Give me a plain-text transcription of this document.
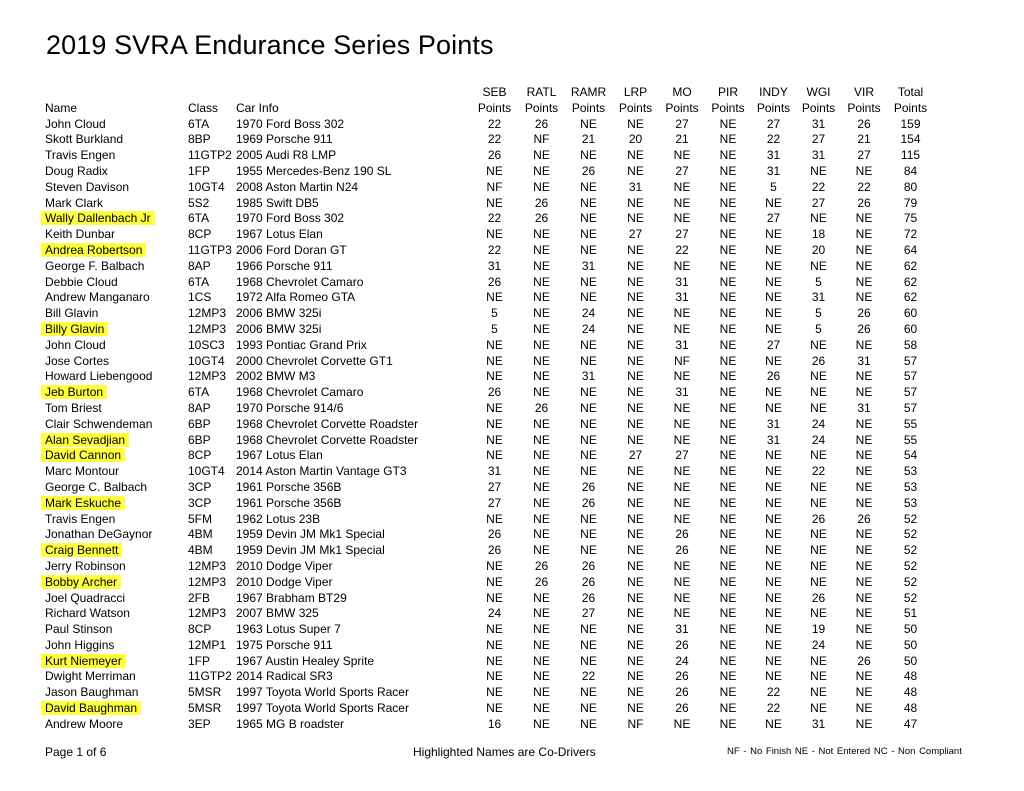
2019 SVRA Endurance Series Points
			SEB	RATL	RAMR	LRP	MO	PIR	INDY	WGI	VIR	Total
Name	Class	Car Info	Points	Points	Points	Points	Points	Points	Points	Points	Points	Points
John Cloud	6TA	1970 Ford Boss 302	22	26	NE	NE	27	NE	27	31	26	159
Skott Burkland	8BP	1969 Porsche 911	22	NF	21	20	21	NE	22	27	21	154
Travis Engen	11GTP2	2005 Audi R8 LMP	26	NE	NE	NE	NE	NE	31	31	27	115
Doug Radix	1FP	1955 Mercedes-Benz 190 SL	NE	NE	26	NE	27	NE	31	NE	NE	84
Steven Davison	10GT4	2008 Aston Martin N24	NF	NE	NE	31	NE	NE	5	22	22	80
Mark Clark	5S2	1985 Swift DB5	NE	26	NE	NE	NE	NE	NE	27	26	79
Wally Dallenbach Jr	6TA	1970 Ford Boss 302	22	26	NE	NE	NE	NE	27	NE	NE	75
Keith Dunbar	8CP	1967 Lotus Elan	NE	NE	NE	27	27	NE	NE	18	NE	72
Andrea Robertson	11GTP3	2006 Ford Doran GT	22	NE	NE	NE	22	NE	NE	20	NE	64
George F. Balbach	8AP	1966 Porsche 911	31	NE	31	NE	NE	NE	NE	NE	NE	62
Debbie Cloud	6TA	1968 Chevrolet Camaro	26	NE	NE	NE	31	NE	NE	5	NE	62
Andrew Manganaro	1CS	1972 Alfa Romeo GTA	NE	NE	NE	NE	31	NE	NE	31	NE	62
Bill Glavin	12MP3	2006 BMW 325i	5	NE	24	NE	NE	NE	NE	5	26	60
Billy Glavin	12MP3	2006 BMW 325i	5	NE	24	NE	NE	NE	NE	5	26	60
John Cloud	10SC3	1993 Pontiac Grand Prix	NE	NE	NE	NE	31	NE	27	NE	NE	58
Jose Cortes	10GT4	2000 Chevrolet Corvette GT1	NE	NE	NE	NE	NF	NE	NE	26	31	57
Howard Liebengood	12MP3	2002 BMW M3	NE	NE	31	NE	NE	NE	26	NE	NE	57
Jeb Burton	6TA	1968 Chevrolet Camaro	26	NE	NE	NE	31	NE	NE	NE	NE	57
Tom Briest	8AP	1970 Porsche 914/6	NE	26	NE	NE	NE	NE	NE	NE	31	57
Clair Schwendeman	6BP	1968 Chevrolet Corvette Roadster	NE	NE	NE	NE	NE	NE	31	24	NE	55
Alan Sevadjian	6BP	1968 Chevrolet Corvette Roadster	NE	NE	NE	NE	NE	NE	31	24	NE	55
David Cannon	8CP	1967 Lotus Elan	NE	NE	NE	27	27	NE	NE	NE	NE	54
Marc Montour	10GT4	2014 Aston Martin Vantage GT3	31	NE	NE	NE	NE	NE	NE	22	NE	53
George C. Balbach	3CP	1961 Porsche 356B	27	NE	26	NE	NE	NE	NE	NE	NE	53
Mark Eskuche	3CP	1961 Porsche 356B	27	NE	26	NE	NE	NE	NE	NE	NE	53
Travis Engen	5FM	1962 Lotus 23B	NE	NE	NE	NE	NE	NE	NE	26	26	52
Jonathan DeGaynor	4BM	1959 Devin JM Mk1 Special	26	NE	NE	NE	26	NE	NE	NE	NE	52
Craig Bennett	4BM	1959 Devin JM Mk1 Special	26	NE	NE	NE	26	NE	NE	NE	NE	52
Jerry Robinson	12MP3	2010 Dodge Viper	NE	26	26	NE	NE	NE	NE	NE	NE	52
Bobby Archer	12MP3	2010 Dodge Viper	NE	26	26	NE	NE	NE	NE	NE	NE	52
Joel Quadracci	2FB	1967 Brabham BT29	NE	NE	26	NE	NE	NE	NE	26	NE	52
Richard Watson	12MP3	2007 BMW 325	24	NE	27	NE	NE	NE	NE	NE	NE	51
Paul Stinson	8CP	1963 Lotus Super 7	NE	NE	NE	NE	31	NE	NE	19	NE	50
John Higgins	12MP1	1975 Porsche 911	NE	NE	NE	NE	26	NE	NE	24	NE	50
Kurt Niemeyer	1FP	1967 Austin Healey Sprite	NE	NE	NE	NE	24	NE	NE	NE	26	50
Dwight Merriman	11GTP2	2014 Radical SR3	NE	NE	22	NE	26	NE	NE	NE	NE	48
Jason Baughman	5MSR	1997 Toyota World Sports Racer	NE	NE	NE	NE	26	NE	22	NE	NE	48
David Baughman	5MSR	1997 Toyota World Sports Racer	NE	NE	NE	NE	26	NE	22	NE	NE	48
Andrew Moore	3EP	1965 MG B roadster	16	NE	NE	NF	NE	NE	NE	31	NE	47
Page 1 of 6	Highlighted Names are Co-Drivers	NF - No Finish NE - Not Entered NC - Non Compliant
